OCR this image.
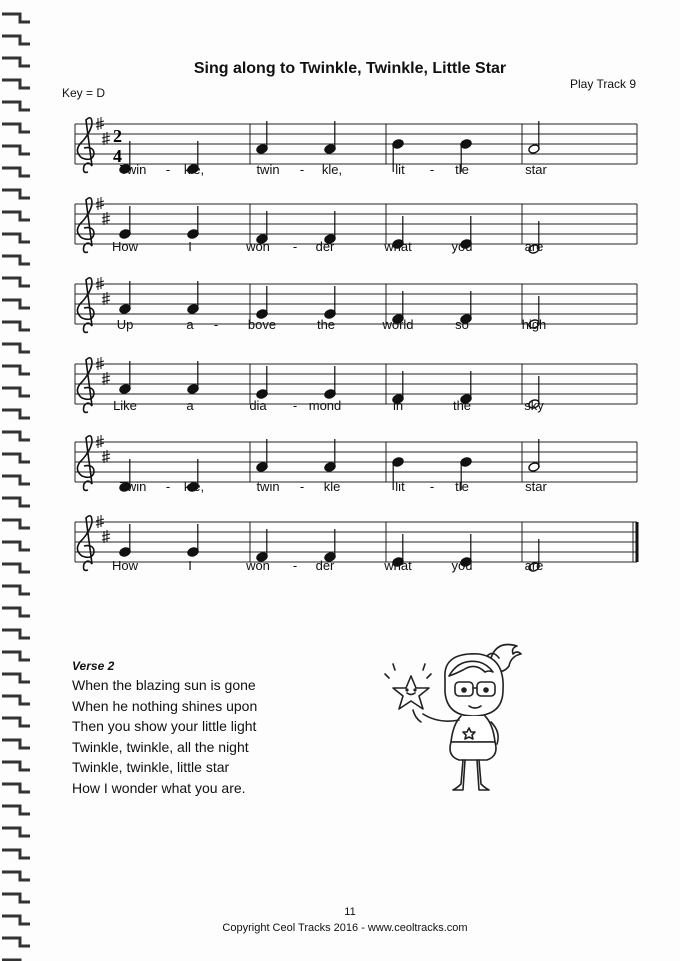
Sing along to Twinkle, Twinkle, Little Star
Key = D
Play Track 9
2
4
Twin - kle,	twin - kle,	lit - tle	star
How	I	won - der	what	you	are
Up	a - bove	the	world	so	high
Like	a	dia - mond	in	the	sky
Twin - kle,	twin - kle	lit - tle	star
How	I	won - der	what	you	are
Verse 2
When the blazing sun is gone
When he nothing shines upon
Then you show your little light
Twinkle, twinkle, all the night
Twinkle, twinkle, little star
How I wonder what you are.
11
Copyright Ceol Tracks 2016 - www.ceoltracks.com
